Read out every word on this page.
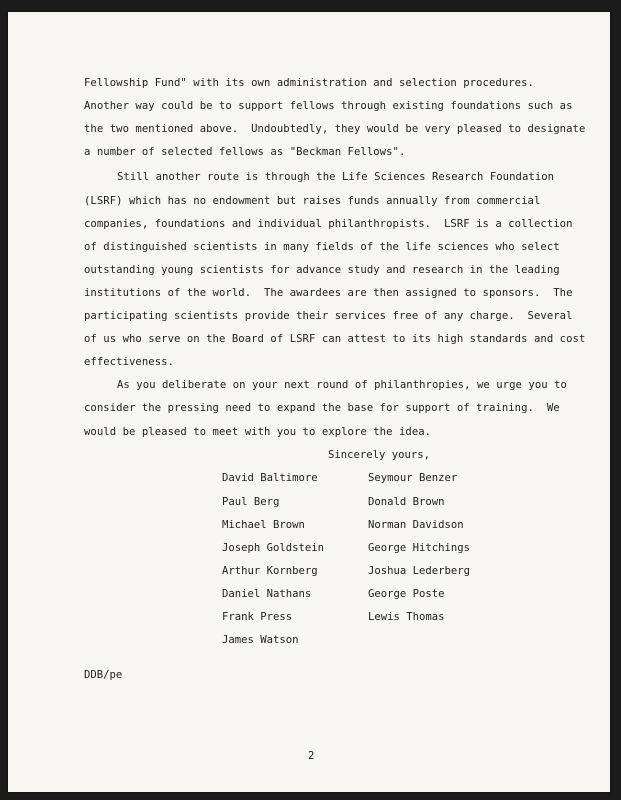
Fellowship Fund" with its own administration and selection procedures.
Another way could be to support fellows through existing foundations such as
the two mentioned above.  Undoubtedly, they would be very pleased to designate
a number of selected fellows as "Beckman Fellows".
Still another route is through the Life Sciences Research Foundation
(LSRF) which has no endowment but raises funds annually from commercial
companies, foundations and individual philanthropists.  LSRF is a collection
of distinguished scientists in many fields of the life sciences who select
outstanding young scientists for advance study and research in the leading
institutions of the world.  The awardees are then assigned to sponsors.  The
participating scientists provide their services free of any charge.  Several
of us who serve on the Board of LSRF can attest to its high standards and cost
effectiveness.
As you deliberate on your next round of philanthropies, we urge you to
consider the pressing need to expand the base for support of training.  We
would be pleased to meet with you to explore the idea.
Sincerely yours,
David Baltimore
Paul Berg
Michael Brown
Joseph Goldstein
Arthur Kornberg
Daniel Nathans
Frank Press
James Watson
Seymour Benzer
Donald Brown
Norman Davidson
George Hitchings
Joshua Lederberg
George Poste
Lewis Thomas
DDB/pe
2
